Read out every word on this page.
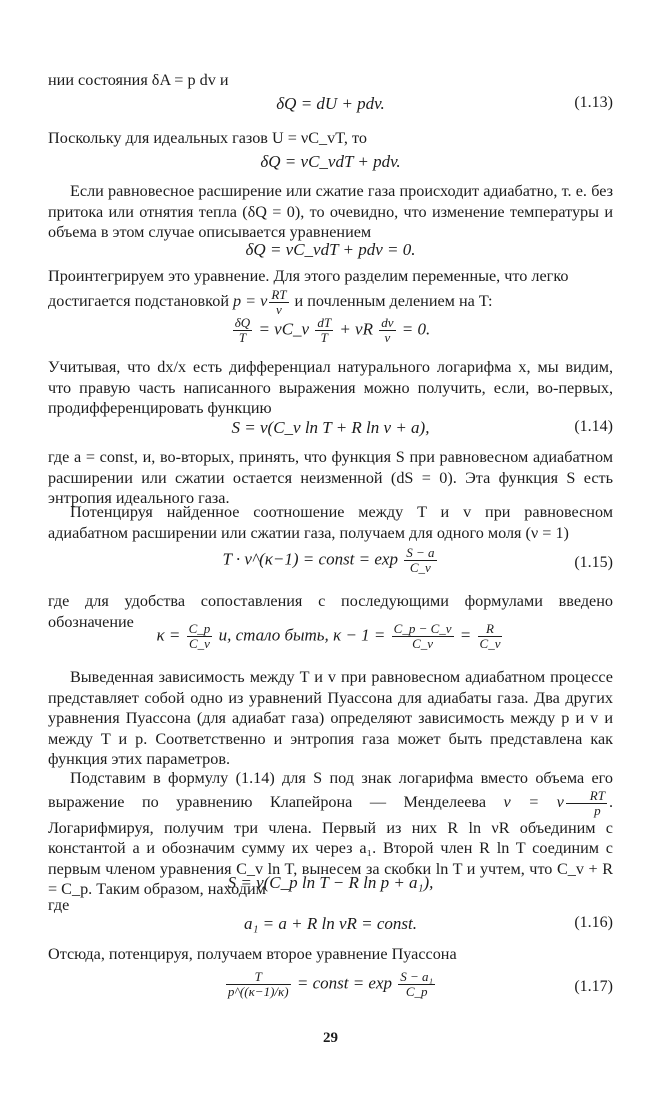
нии состояния δA = p dv и

δQ = dU + pdv.	(1.13)

Поскольку для идеальных газов U = νC_vT, то

δQ = νC_vdT + pdv.

Если равновесное расширение или сжатие газа происходит адиабатно, т. е. без притока или отнятия тепла (δQ = 0), то очевидно, что изменение температуры и объема в этом случае описывается уравнением

δQ = νC_vdT + pdv = 0.

Проинтегрируем это уравнение. Для этого разделим переменные, что легко

достигается подстановкой p = ν $\frac{RT}{v}$ и почленным делением на T:
$\frac{\delta Q}{T}$ = νC_v $\frac{dT}{T} + \nu R \frac{dv}{v} = 0$.

Учитывая, что dx/x есть дифференциал натурального логарифма x, мы видим, что правую часть написанного выражения можно получить, если, во-первых, продифференцировать функцию

S = ν(C_v ln T + R ln v + a),	(1.14)

где a = const, и, во-вторых, принять, что функция S при равновесном адиабатном расширении или сжатии остается неизменной (dS = 0). Эта функция S есть энтропия идеального газа.

Потенцируя найденное соотношение между T и v при равновесном адиабатном расширении или сжатии газа, получаем для одного моля (ν = 1)

T · v^(κ−1) = const = $\exp \frac{S - a}{C\_v}$	(1.15)

где для удобства сопоставления с последующими формулами введено обозначение

$\kappa = \frac{C\_p}{C\_v} и$, стало быть, $\kappa - 1 = \frac{C\_p - C\_v}{C\_v} = \frac{R}{C\_v}$

Выведенная зависимость между T и v при равновесном адиабатном процессе представляет собой одно из уравнений Пуассона для адиабаты газа. Два других уравнения Пуассона (для адиабат газа) определяют зависимость между p и v и между T и p. Соответственно и энтропия газа может быть представлена как функция этих параметров.

Подставим в формулу (1.14) для S под знак логарифма вместо объема его выражение по уравнению Клапейрона — Менделеева v = ν $\frac{RT}{p}$ . Логарифмируя, получим три члена. Первый из них R ln νR объединим с константой a и обозначим сумму их через a₁. Второй член R ln T соединим с первым членом уравнения C_v ln T, вынесем за скобки ln T и учтем, что C_v + R = C_p. Таким образом, находим
S = ν(C_p ln T − R ln p + a₁),

где

a₁ = a + R ln νR = const.	(1.16)

Отсюда, потенцируя, получаем второе уравнение Пуассона

$\frac{T}{p\^{}((\kappa-1)/\kappa)}$ = const = $\exp \frac{\text{S − a₁}}{C\_p}$	(1.17)
29
